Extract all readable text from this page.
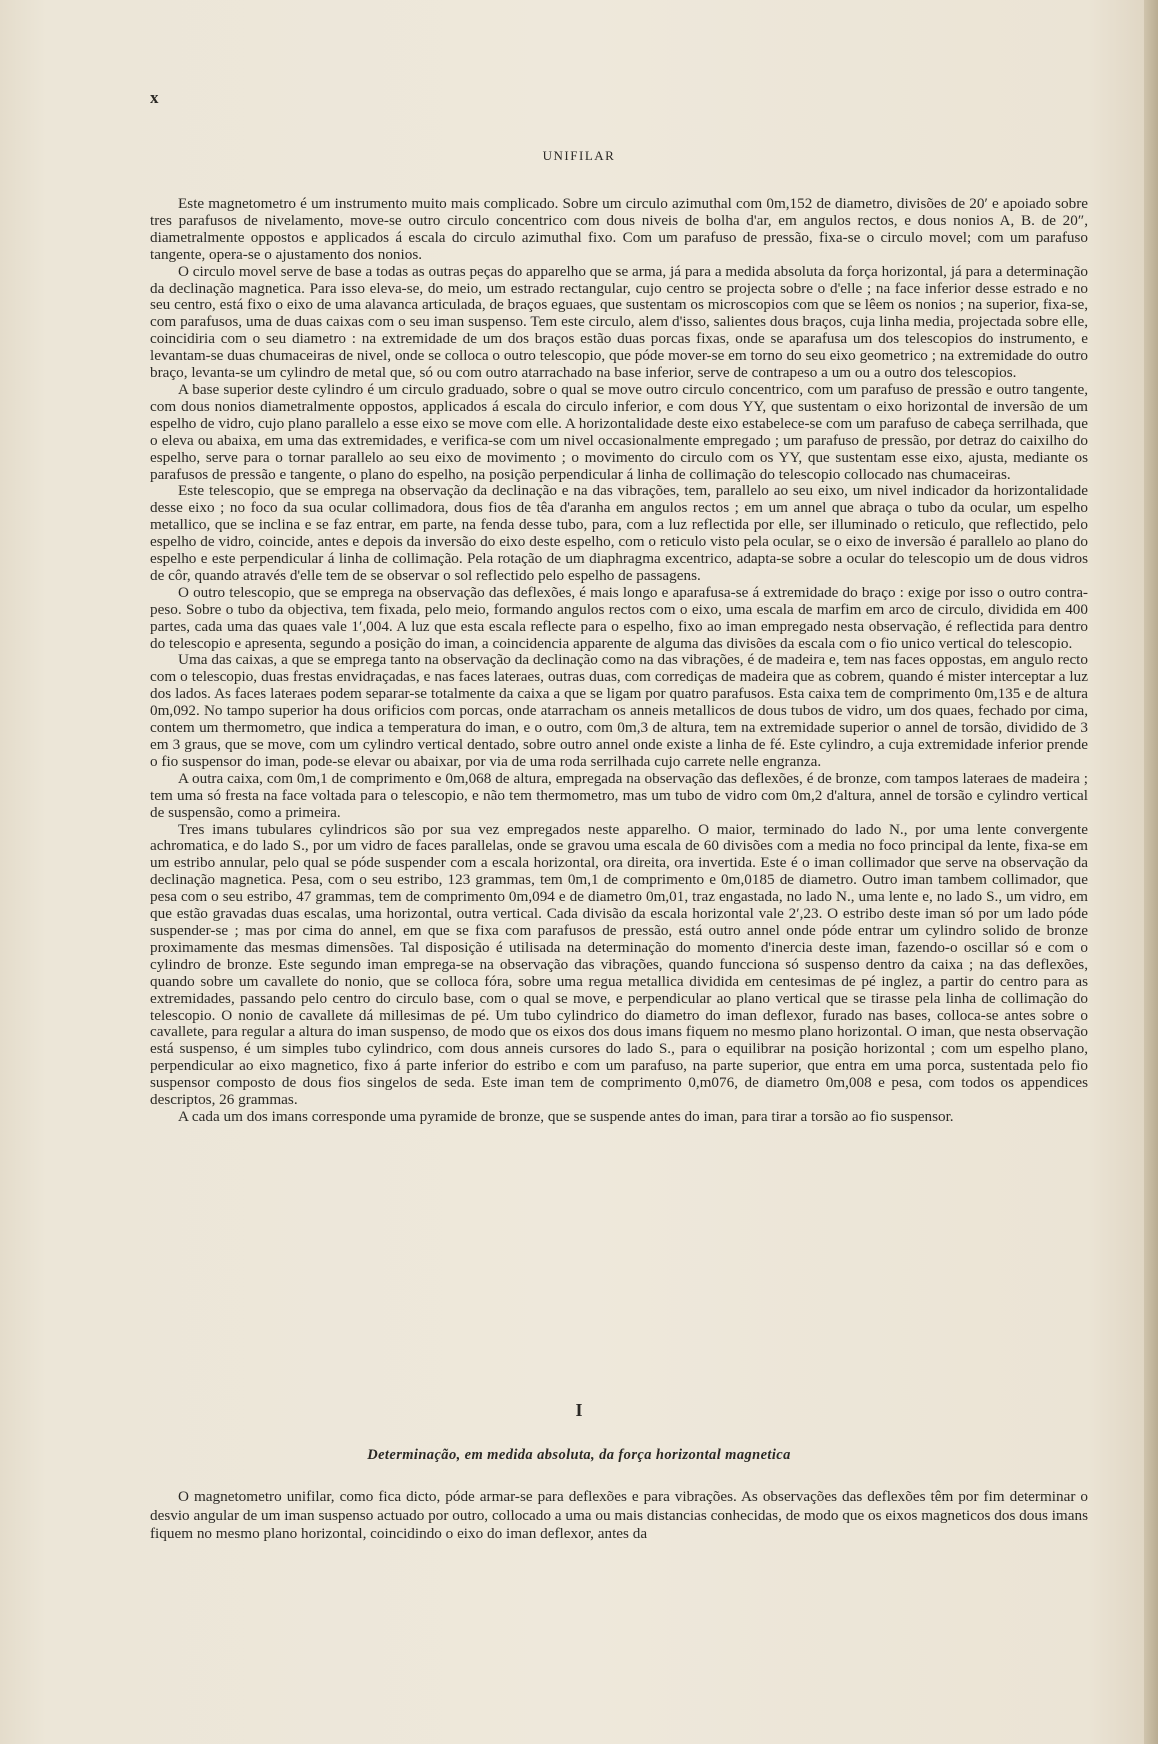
x
UNIFILAR

Este magnetometro é um instrumento muito mais complicado. Sobre um circulo azimuthal com 0m,152 de diametro, divisões de 20′ e apoiado sobre tres parafusos de nivelamento, move-se outro circulo concentrico com dous niveis de bolha d'ar, em angulos rectos, e dous nonios A, B. de 20″, diametralmente oppostos e applicados á escala do circulo azimuthal fixo. Com um parafuso de pressão, fixa-se o circulo movel; com um parafuso tangente, opera-se o ajustamento dos nonios.

O circulo movel serve de base a todas as outras peças do apparelho que se arma, já para a medida absoluta da força horizontal, já para a determinação da declinação magnetica. Para isso eleva-se, do meio, um estrado rectangular, cujo centro se projecta sobre o d'elle ; na face inferior desse estrado e no seu centro, está fixo o eixo de uma alavanca articulada, de braços eguaes, que sustentam os microscopios com que se lêem os nonios ; na superior, fixa-se, com parafusos, uma de duas caixas com o seu iman suspenso. Tem este circulo, alem d'isso, salientes dous braços, cuja linha media, projectada sobre elle, coincidiria com o seu diametro : na extremidade de um dos braços estão duas porcas fixas, onde se aparafusa um dos telescopios do instrumento, e levantam-se duas chumaceiras de nivel, onde se colloca o outro telescopio, que póde mover-se em torno do seu eixo geometrico ; na extremidade do outro braço, levanta-se um cylindro de metal que, só ou com outro atarrachado na base inferior, serve de contrapeso a um ou a outro dos telescopios.

A base superior deste cylindro é um circulo graduado, sobre o qual se move outro circulo concentrico, com um parafuso de pressão e outro tangente, com dous nonios diametralmente oppostos, applicados á escala do circulo inferior, e com dous YY, que sustentam o eixo horizontal de inversão de um espelho de vidro, cujo plano parallelo a esse eixo se move com elle. A horizontalidade deste eixo estabelece-se com um parafuso de cabeça serrilhada, que o eleva ou abaixa, em uma das extremidades, e verifica-se com um nivel occasionalmente empregado ; um parafuso de pressão, por detraz do caixilho do espelho, serve para o tornar parallelo ao seu eixo de movimento ; o movimento do circulo com os YY, que sustentam esse eixo, ajusta, mediante os parafusos de pressão e tangente, o plano do espelho, na posição perpendicular á linha de collimação do telescopio collocado nas chumaceiras.

Este telescopio, que se emprega na observação da declinação e na das vibrações, tem, parallelo ao seu eixo, um nivel indicador da horizontalidade desse eixo ; no foco da sua ocular collimadora, dous fios de têa d'aranha em angulos rectos ; em um annel que abraça o tubo da ocular, um espelho metallico, que se inclina e se faz entrar, em parte, na fenda desse tubo, para, com a luz reflectida por elle, ser illuminado o reticulo, que reflectido, pelo espelho de vidro, coincide, antes e depois da inversão do eixo deste espelho, com o reticulo visto pela ocular, se o eixo de inversão é parallelo ao plano do espelho e este perpendicular á linha de collimação. Pela rotação de um diaphragma excentrico, adapta-se sobre a ocular do telescopio um de dous vidros de côr, quando através d'elle tem de se observar o sol reflectido pelo espelho de passagens.

O outro telescopio, que se emprega na observação das deflexões, é mais longo e aparafusa-se á extremidade do braço : exige por isso o outro contra-peso. Sobre o tubo da objectiva, tem fixada, pelo meio, formando angulos rectos com o eixo, uma escala de marfim em arco de circulo, dividida em 400 partes, cada uma das quaes vale 1′,004. A luz que esta escala reflecte para o espelho, fixo ao iman empregado nesta observação, é reflectida para dentro do telescopio e apresenta, segundo a posição do iman, a coincidencia apparente de alguma das divisões da escala com o fio unico vertical do telescopio.

Uma das caixas, a que se emprega tanto na observação da declinação como na das vibrações, é de madeira e, tem nas faces oppostas, em angulo recto com o telescopio, duas frestas envidraçadas, e nas faces lateraes, outras duas, com corrediças de madeira que as cobrem, quando é mister interceptar a luz dos lados. As faces lateraes podem separar-se totalmente da caixa a que se ligam por quatro parafusos. Esta caixa tem de comprimento 0m,135 e de altura 0m,092. No tampo superior ha dous orificios com porcas, onde atarracham os anneis metallicos de dous tubos de vidro, um dos quaes, fechado por cima, contem um thermometro, que indica a temperatura do iman, e o outro, com 0m,3 de altura, tem na extremidade superior o annel de torsão, dividido de 3 em 3 graus, que se move, com um cylindro vertical dentado, sobre outro annel onde existe a linha de fé. Este cylindro, a cuja extremidade inferior prende o fio suspensor do iman, pode-se elevar ou abaixar, por via de uma roda serrilhada cujo carrete nelle engranza.

A outra caixa, com 0m,1 de comprimento e 0m,068 de altura, empregada na observação das deflexões, é de bronze, com tampos lateraes de madeira ; tem uma só fresta na face voltada para o telescopio, e não tem thermometro, mas um tubo de vidro com 0m,2 d'altura, annel de torsão e cylindro vertical de suspensão, como a primeira.

Tres imans tubulares cylindricos são por sua vez empregados neste apparelho. O maior, terminado do lado N., por uma lente convergente achromatica, e do lado S., por um vidro de faces parallelas, onde se gravou uma escala de 60 divisões com a media no foco principal da lente, fixa-se em um estribo annular, pelo qual se póde suspender com a escala horizontal, ora direita, ora invertida. Este é o iman collimador que serve na observação da declinação magnetica. Pesa, com o seu estribo, 123 grammas, tem 0m,1 de comprimento e 0m,0185 de diametro. Outro iman tambem collimador, que pesa com o seu estribo, 47 grammas, tem de comprimento 0m,094 e de diametro 0m,01, traz engastada, no lado N., uma lente e, no lado S., um vidro, em que estão gravadas duas escalas, uma horizontal, outra vertical. Cada divisão da escala horizontal vale 2′,23. O estribo deste iman só por um lado póde suspender-se ; mas por cima do annel, em que se fixa com parafusos de pressão, está outro annel onde póde entrar um cylindro solido de bronze proximamente das mesmas dimensões. Tal disposição é utilisada na determinação do momento d'inercia deste iman, fazendo-o oscillar só e com o cylindro de bronze. Este segundo iman emprega-se na observação das vibrações, quando funcciona só suspenso dentro da caixa ; na das deflexões, quando sobre um cavallete do nonio, que se colloca fóra, sobre uma regua metallica dividida em centesimas de pé inglez, a partir do centro para as extremidades, passando pelo centro do circulo base, com o qual se move, e perpendicular ao plano vertical que se tirasse pela linha de collimação do telescopio. O nonio de cavallete dá millesimas de pé. Um tubo cylindrico do diametro do iman deflexor, furado nas bases, colloca-se antes sobre o cavallete, para regular a altura do iman suspenso, de modo que os eixos dos dous imans fiquem no mesmo plano horizontal. O iman, que nesta observação está suspenso, é um simples tubo cylindrico, com dous anneis cursores do lado S., para o equilibrar na posição horizontal ; com um espelho plano, perpendicular ao eixo magnetico, fixo á parte inferior do estribo e com um parafuso, na parte superior, que entra em uma porca, sustentada pelo fio suspensor composto de dous fios singelos de seda. Este iman tem de comprimento 0,m076, de diametro 0m,008 e pesa, com todos os appendices descriptos, 26 grammas.

A cada um dos imans corresponde uma pyramide de bronze, que se suspende antes do iman, para tirar a torsão ao fio suspensor.

I
Determinação, em medida absoluta, da força horizontal magnetica

O magnetometro unifilar, como fica dicto, póde armar-se para deflexões e para vibrações. As observações das deflexões têm por fim determinar o desvio angular de um iman suspenso actuado por outro, collocado a uma ou mais distancias conhecidas, de modo que os eixos magneticos dos dous imans fiquem no mesmo plano horizontal, coincidindo o eixo do iman deflexor, antes da
